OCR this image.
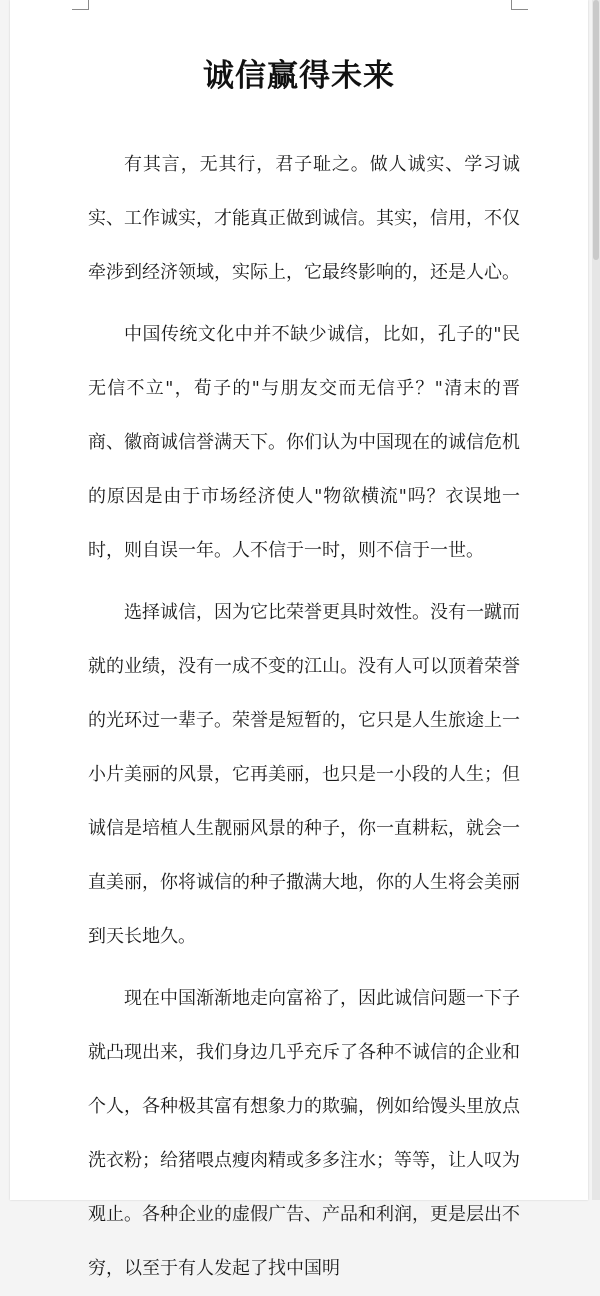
诚信赢得未来

有其言，无其行，君子耻之。做人诚实、学习诚实、工作诚实，才能真正做到诚信。其实，信用，不仅牵涉到经济领域，实际上，它最终影响的，还是人心。

中国传统文化中并不缺少诚信，比如，孔子的"民无信不立"，荀子的"与朋友交而无信乎？"清末的晋商、徽商诚信誉满天下。你们认为中国现在的诚信危机的原因是由于市场经济使人"物欲横流"吗？衣误地一时，则自误一年。人不信于一时，则不信于一世。

选择诚信，因为它比荣誉更具时效性。没有一蹴而就的业绩，没有一成不变的江山。没有人可以顶着荣誉的光环过一辈子。荣誉是短暂的，它只是人生旅途上一小片美丽的风景，它再美丽，也只是一小段的人生；但诚信是培植人生靓丽风景的种子，你一直耕耘，就会一直美丽，你将诚信的种子撒满大地，你的人生将会美丽到天长地久。

现在中国渐渐地走向富裕了，因此诚信问题一下子就凸现出来，我们身边几乎充斥了各种不诚信的企业和个人，各种极其富有想象力的欺骗，例如给馒头里放点洗衣粉；给猪喂点瘦肉精或多多注水；等等，让人叹为观止。各种企业的虚假广告、产品和利润，更是层出不穷，以至于有人发起了找中国明
